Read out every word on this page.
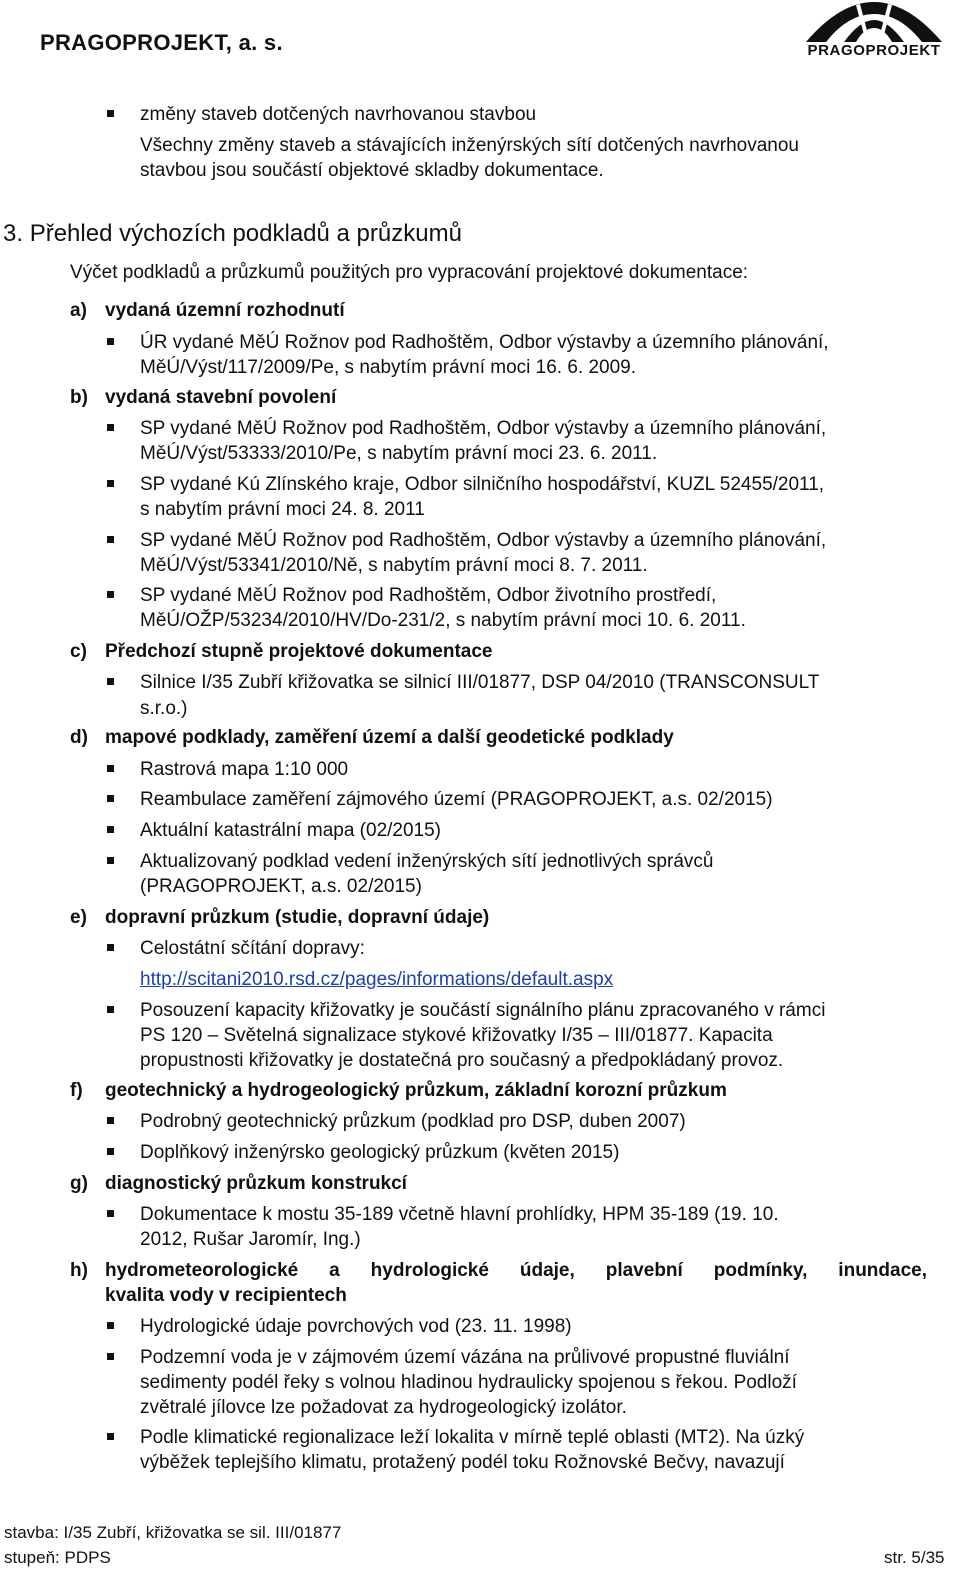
PRAGOPROJEKT, a. s.	PRAGOPROJEKT
změny staveb dotčených navrhovanou stavbou
Všechny změny staveb a stávajících inženýrských sítí dotčených navrhovanou
stavbou jsou součástí objektové skladby dokumentace.
3. Přehled výchozích podkladů a průzkumů
Výčet podkladů a průzkumů použitých pro vypracování projektové dokumentace:
a) vydaná územní rozhodnutí
ÚR vydané MěÚ Rožnov pod Radhoštěm, Odbor výstavby a územního plánování,
MěÚ/Výst/117/2009/Pe, s nabytím právní moci 16. 6. 2009.
b) vydaná stavební povolení
SP vydané MěÚ Rožnov pod Radhoštěm, Odbor výstavby a územního plánování,
MěÚ/Výst/53333/2010/Pe, s nabytím právní moci 23. 6. 2011.
SP vydané Kú Zlínského kraje, Odbor silničního hospodářství, KUZL 52455/2011,
s nabytím právní moci 24. 8. 2011
SP vydané MěÚ Rožnov pod Radhoštěm, Odbor výstavby a územního plánování,
MěÚ/Výst/53341/2010/Ně, s nabytím právní moci 8. 7. 2011.
SP vydané MěÚ Rožnov pod Radhoštěm, Odbor životního prostředí,
MěÚ/OŽP/53234/2010/HV/Do-231/2, s nabytím právní moci 10. 6. 2011.
c) Předchozí stupně projektové dokumentace
Silnice I/35 Zubří křižovatka se silnicí III/01877, DSP 04/2010 (TRANSCONSULT
s.r.o.)
d) mapové podklady, zaměření území a další geodetické podklady
Rastrová mapa 1:10 000
Reambulace zaměření zájmového území (PRAGOPROJEKT, a.s. 02/2015)
Aktuální katastrální mapa (02/2015)
Aktualizovaný podklad vedení inženýrských sítí jednotlivých správců
(PRAGOPROJEKT, a.s. 02/2015)
e) dopravní průzkum (studie, dopravní údaje)
Celostátní sčítání dopravy:
http://scitani2010.rsd.cz/pages/informations/default.aspx
Posouzení kapacity křižovatky je součástí signálního plánu zpracovaného v rámci
PS 120 – Světelná signalizace stykové křižovatky I/35 – III/01877. Kapacita
propustnosti křižovatky je dostatečná pro současný a předpokládaný provoz.
f) geotechnický a hydrogeologický průzkum, základní korozní průzkum
Podrobný geotechnický průzkum (podklad pro DSP, duben 2007)
Doplňkový inženýrsko geologický průzkum (květen 2015)
g) diagnostický průzkum konstrukcí
Dokumentace k mostu 35-189 včetně hlavní prohlídky, HPM 35-189 (19. 10.
2012, Rušar Jaromír, Ing.)
h) hydrometeorologické a hydrologické údaje, plavební podmínky, inundace,
kvalita vody v recipientech
Hydrologické údaje povrchových vod (23. 11. 1998)
Podzemní voda je v zájmovém území vázána na průlivové propustné fluviální
sedimenty podél řeky s volnou hladinou hydraulicky spojenou s řekou. Podloží
zvětralé jílovce lze požadovat za hydrogeologický izolátor.
Podle klimatické regionalizace leží lokalita v mírně teplé oblasti (MT2). Na úzký
výběžek teplejšího klimatu, protažený podél toku Rožnovské Bečvy, navazují
stavba: I/35 Zubří, křižovatka se sil. III/01877
stupeň: PDPS	str. 5/35
